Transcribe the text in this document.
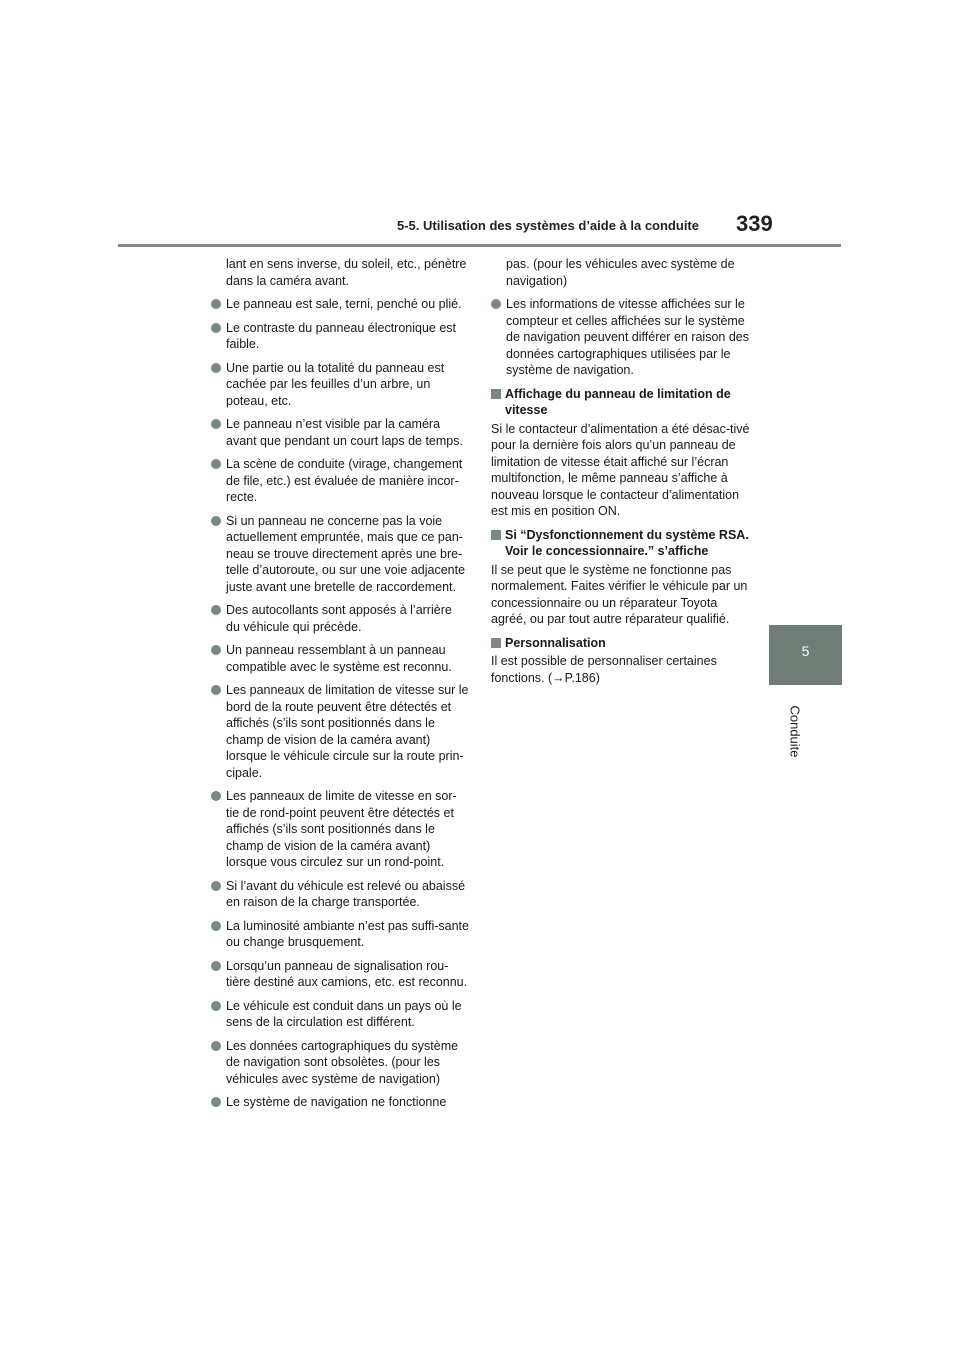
5-5. Utilisation des systèmes d’aide à la conduite 339
5
Conduite
lant en sens inverse, du soleil, etc., pénètre dans la caméra avant.
Le panneau est sale, terni, penché ou plié.
Le contraste du panneau électronique est faible.
Une partie ou la totalité du panneau est cachée par les feuilles d’un arbre, un poteau, etc.
Le panneau n’est visible par la caméra avant que pendant un court laps de temps.
La scène de conduite (virage, changement de file, etc.) est évaluée de manière incor-recte.
Si un panneau ne concerne pas la voie actuellement empruntée, mais que ce pan-neau se trouve directement après une bre-telle d’autoroute, ou sur une voie adjacente juste avant une bretelle de raccordement.
Des autocollants sont apposés à l’arrière du véhicule qui précède.
Un panneau ressemblant à un panneau compatible avec le système est reconnu.
Les panneaux de limitation de vitesse sur le bord de la route peuvent être détectés et affichés (s’ils sont positionnés dans le champ de vision de la caméra avant) lorsque le véhicule circule sur la route prin-cipale.
Les panneaux de limite de vitesse en sor-tie de rond-point peuvent être détectés et affichés (s’ils sont positionnés dans le champ de vision de la caméra avant) lorsque vous circulez sur un rond-point.
Si l’avant du véhicule est relevé ou abaissé en raison de la charge transportée.
La luminosité ambiante n’est pas suffi-sante ou change brusquement.
Lorsqu’un panneau de signalisation rou-tière destiné aux camions, etc. est reconnu.
Le véhicule est conduit dans un pays où le sens de la circulation est différent.
Les données cartographiques du système de navigation sont obsolètes. (pour les véhicules avec système de navigation)
Le système de navigation ne fonctionne
pas. (pour les véhicules avec système de navigation)
Les informations de vitesse affichées sur le compteur et celles affichées sur le système de navigation peuvent différer en raison des données cartographiques utilisées par le système de navigation.
Affichage du panneau de limitation de vitesse
Si le contacteur d’alimentation a été désac-tivé pour la dernière fois alors qu’un panneau de limitation de vitesse était affiché sur l’écran multifonction, le même panneau s’affiche à nouveau lorsque le contacteur d’alimentation est mis en position ON.
Si “Dysfonctionnement du système RSA. Voir le concessionnaire.” s’affiche
Il se peut que le système ne fonctionne pas normalement. Faites vérifier le véhicule par un concessionnaire ou un réparateur Toyota agréé, ou par tout autre réparateur qualifié.
Personnalisation
Il est possible de personnaliser certaines fonctions. (→P.186)
